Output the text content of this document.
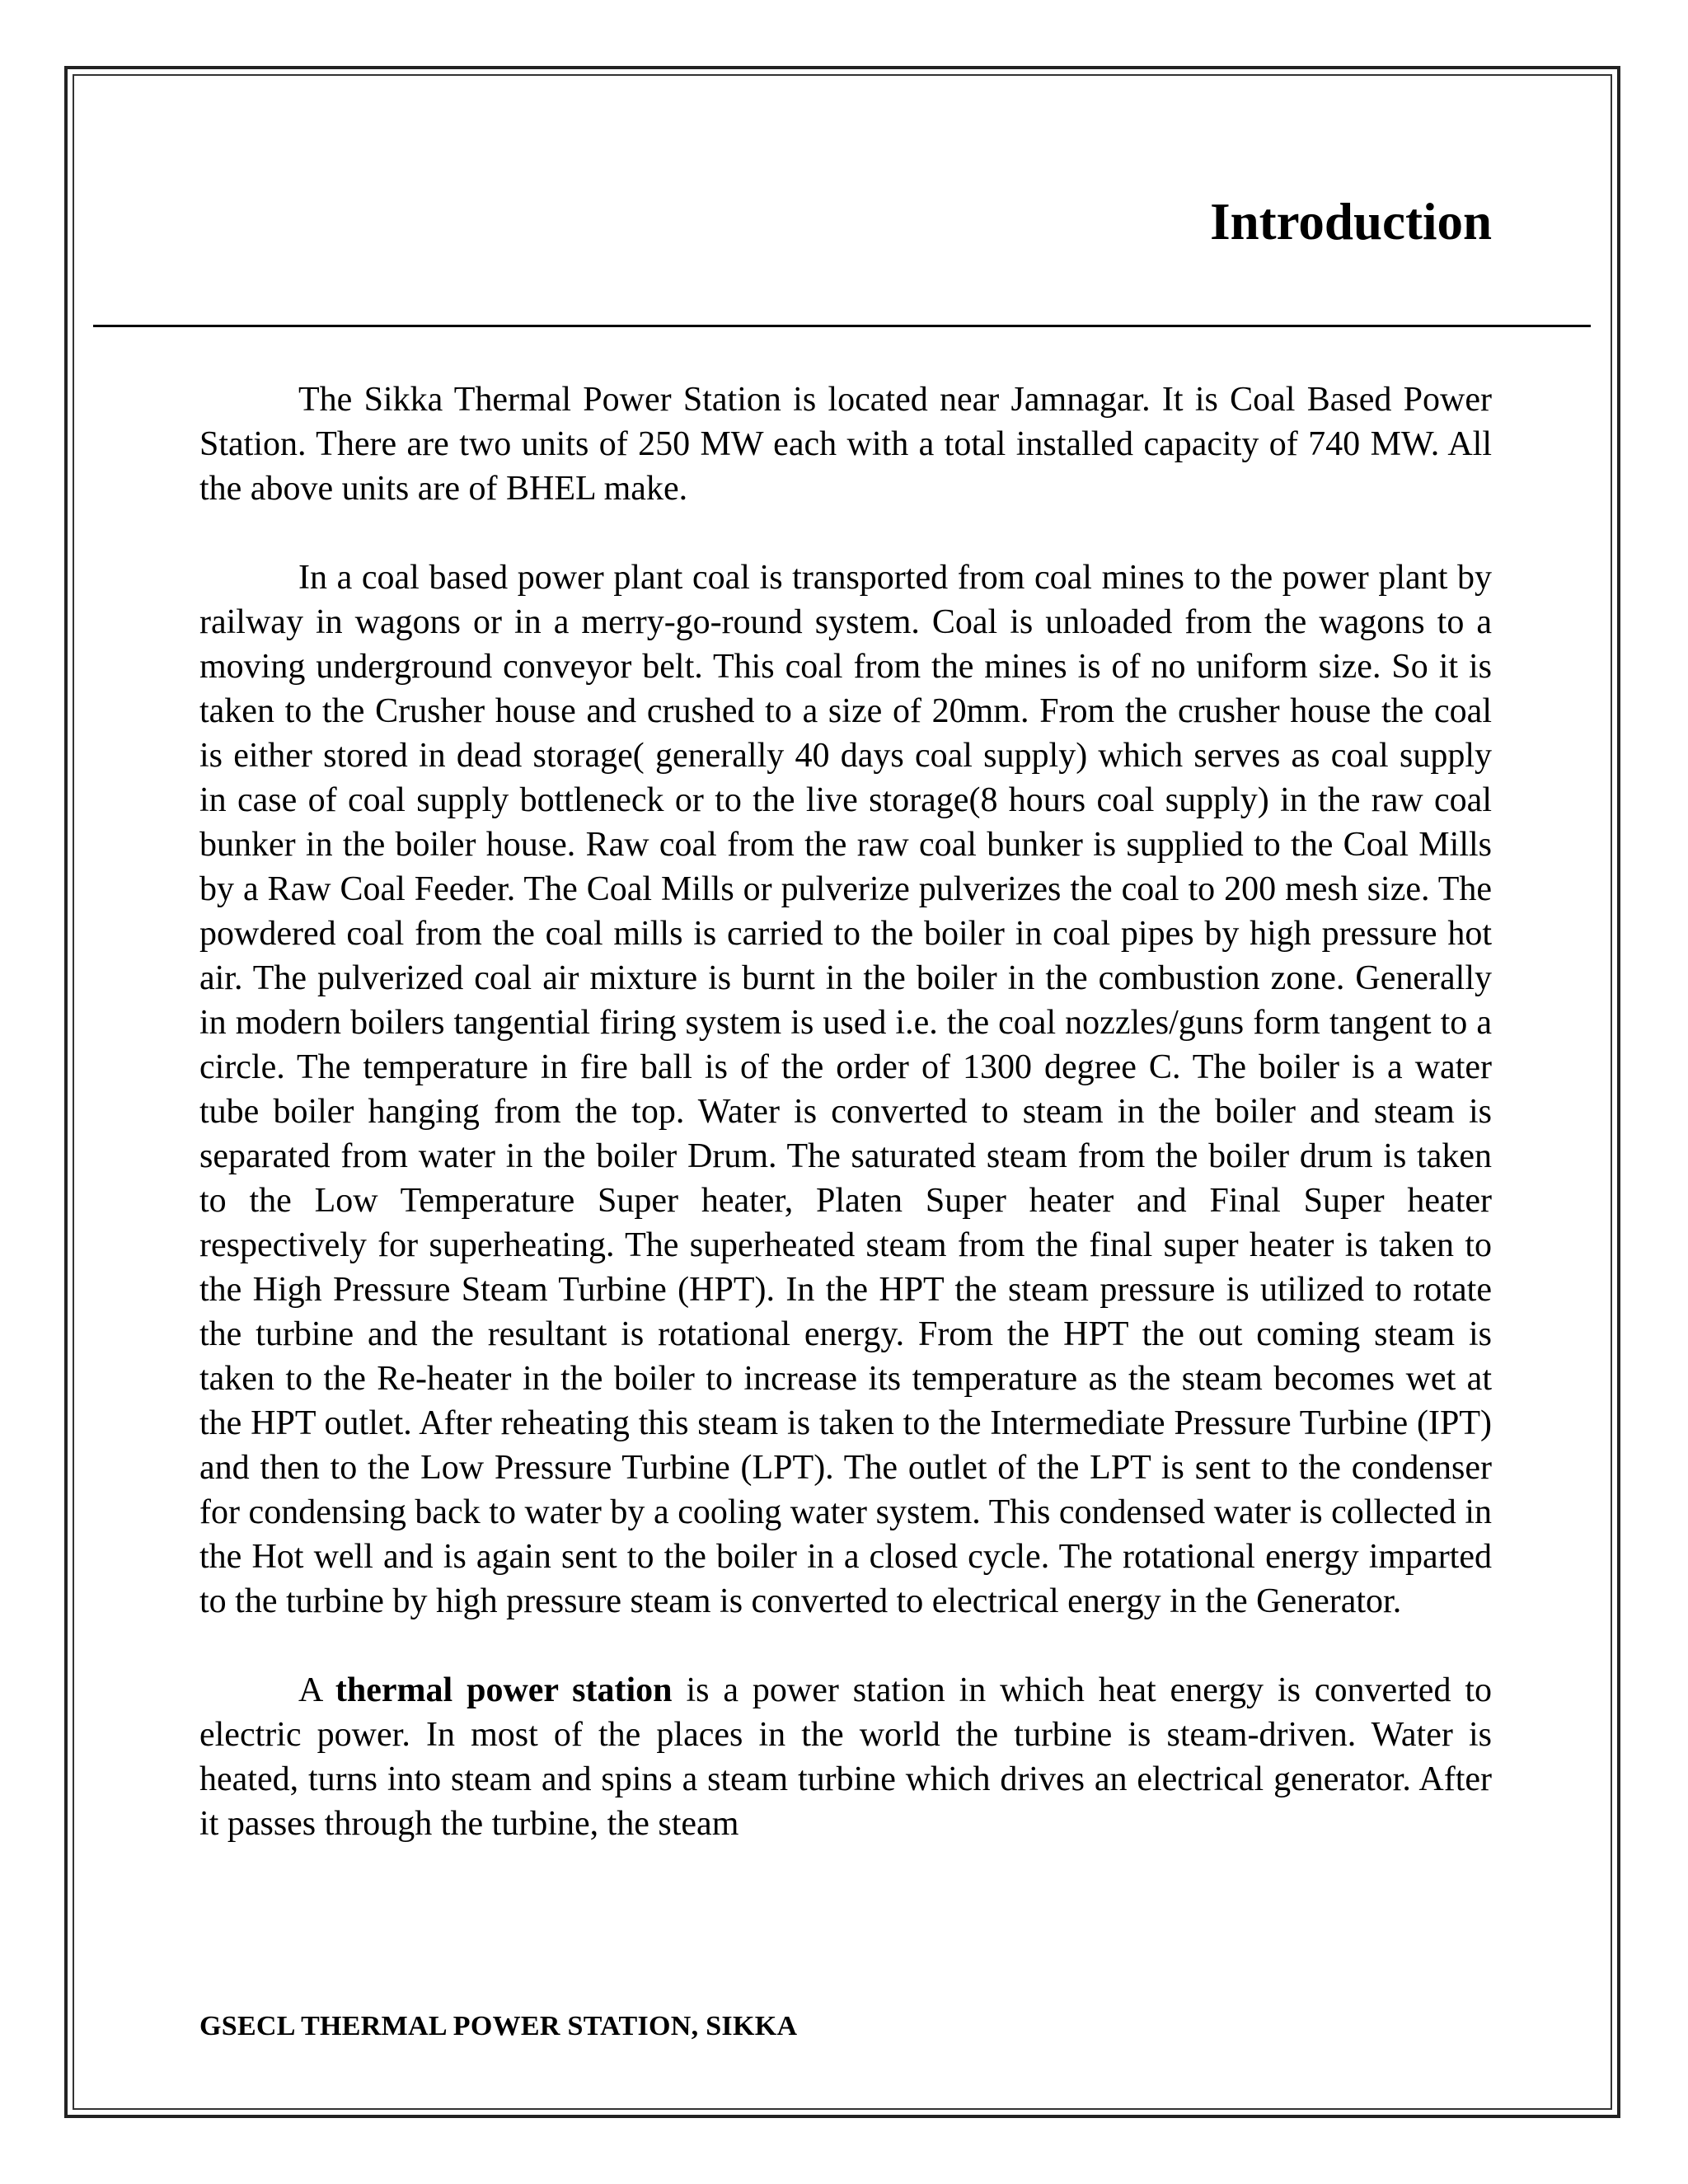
Introduction

The Sikka Thermal Power Station is located near Jamnagar. It is Coal Based Power Station. There are two units of 250 MW each with a total installed capacity of 740 MW. All the above units are of BHEL make.

In a coal based power plant coal is transported from coal mines to the power plant by railway in wagons or in a merry-go-round system. Coal is unloaded from the wagons to a moving underground conveyor belt. This coal from the mines is of no uniform size. So it is taken to the Crusher house and crushed to a size of 20mm. From the crusher house the coal is either stored in dead storage( generally 40 days coal supply) which serves as coal supply in case of coal supply bottleneck or to the live storage(8 hours coal supply) in the raw coal bunker in the boiler house. Raw coal from the raw coal bunker is supplied to the Coal Mills by a Raw Coal Feeder. The Coal Mills or pulverize pulverizes the coal to 200 mesh size. The powdered coal from the coal mills is carried to the boiler in coal pipes by high pressure hot air. The pulverized coal air mixture is burnt in the boiler in the combustion zone. Generally in modern boilers tangential firing system is used i.e. the coal nozzles/guns form tangent to a circle. The temperature in fire ball is of the order of 1300 degree C. The boiler is a water tube boiler hanging from the top. Water is converted to steam in the boiler and steam is separated from water in the boiler Drum. The saturated steam from the boiler drum is taken to the Low Temperature Super heater, Platen Super heater and Final Super heater respectively for superheating. The superheated steam from the final super heater is taken to the High Pressure Steam Turbine (HPT). In the HPT the steam pressure is utilized to rotate the turbine and the resultant is rotational energy. From the HPT the out coming steam is taken to the Re-heater in the boiler to increase its temperature as the steam becomes wet at the HPT outlet. After reheating this steam is taken to the Intermediate Pressure Turbine (IPT) and then to the Low Pressure Turbine (LPT). The outlet of the LPT is sent to the condenser for condensing back to water by a cooling water system. This condensed water is collected in the Hot well and is again sent to the boiler in a closed cycle. The rotational energy imparted to the turbine by high pressure steam is converted to electrical energy in the Generator.

A thermal power station is a power station in which heat energy is converted to electric power. In most of the places in the world the turbine is steam-driven. Water is heated, turns into steam and spins a steam turbine which drives an electrical generator. After it passes through the turbine, the steam

GSECL THERMAL POWER STATION, SIKKA
